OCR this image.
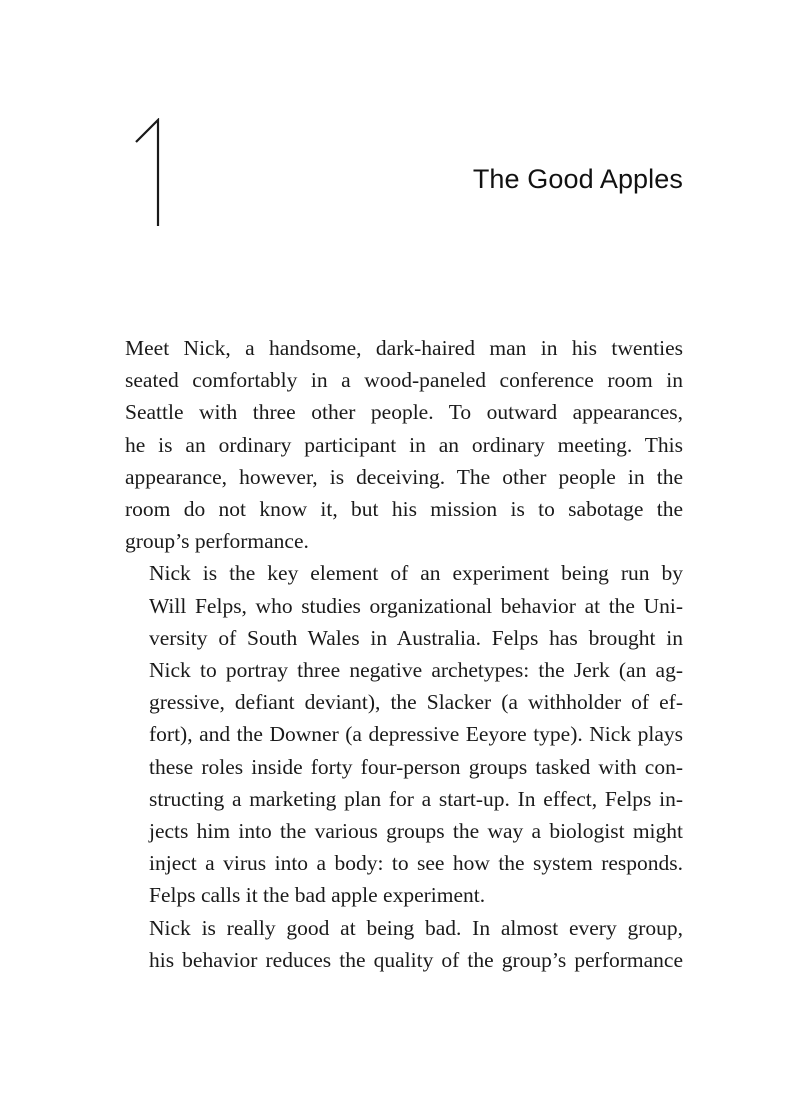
The Good Apples

Meet Nick, a handsome, dark-haired man in his twenties
seated comfortably in a wood-paneled conference room in
Seattle with three other people. To outward appearances,
he is an ordinary participant in an ordinary meeting. This
appearance, however, is deceiving. The other people in the
room do not know it, but his mission is to sabotage the
group’s performance.

Nick is the key element of an experiment being run by
Will Felps, who studies organizational behavior at the Uni-
versity of South Wales in Australia. Felps has brought in
Nick to portray three negative archetypes: the Jerk (an ag-
gressive, defiant deviant), the Slacker (a withholder of ef-
fort), and the Downer (a depressive Eeyore type). Nick plays
these roles inside forty four-person groups tasked with con-
structing a marketing plan for a start-up. In effect, Felps in-
jects him into the various groups the way a biologist might
inject a virus into a body: to see how the system responds.
Felps calls it the bad apple experiment.

Nick is really good at being bad. In almost every group,
his behavior reduces the quality of the group’s performance
